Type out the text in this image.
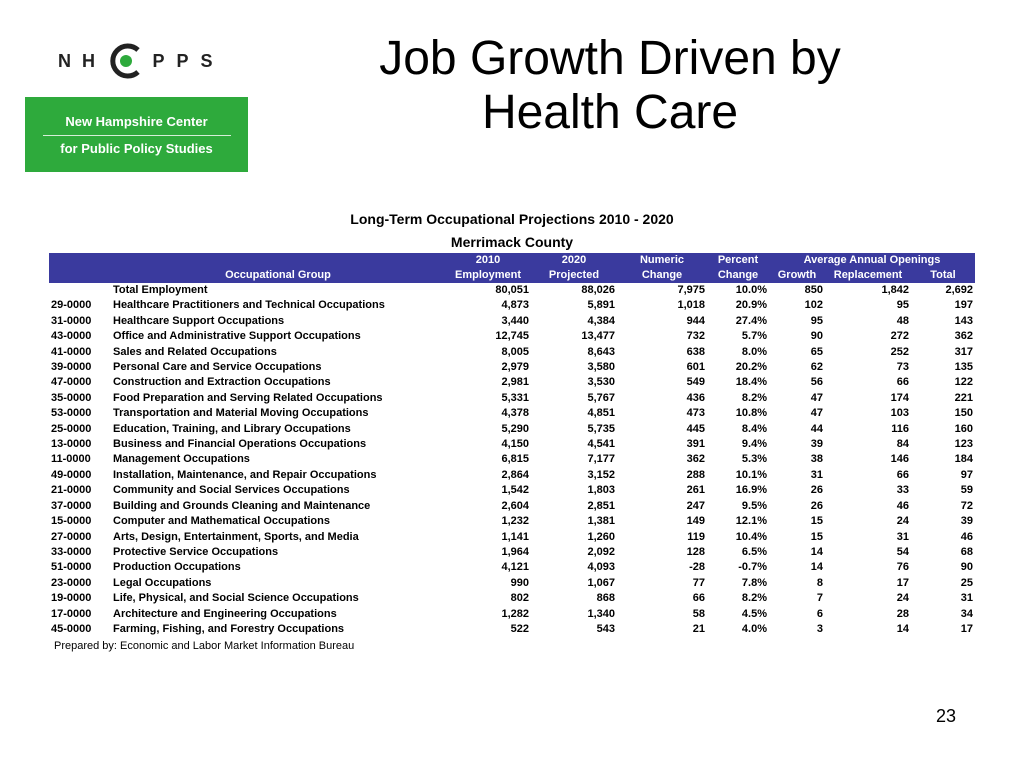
N H	P P S
New Hampshire Center
for Public Policy Studies
Job Growth Driven by
Health Care
Long-Term Occupational Projections 2010 - 2020
Merrimack County
		2010	2020	Numeric	Percent	Average Annual Openings		
	Occupational Group	Employment	Projected	Change	Change	Growth	Replacement	Total
	Total Employment	80,051	88,026	7,975	10.0%	850	1,842	2,692
29-0000	Healthcare Practitioners and Technical Occupations	4,873	5,891	1,018	20.9%	102	95	197
31-0000	Healthcare Support Occupations	3,440	4,384	944	27.4%	95	48	143
43-0000	Office and Administrative Support Occupations	12,745	13,477	732	5.7%	90	272	362
41-0000	Sales and Related Occupations	8,005	8,643	638	8.0%	65	252	317
39-0000	Personal Care and Service Occupations	2,979	3,580	601	20.2%	62	73	135
47-0000	Construction and Extraction Occupations	2,981	3,530	549	18.4%	56	66	122
35-0000	Food Preparation and Serving Related Occupations	5,331	5,767	436	8.2%	47	174	221
53-0000	Transportation and Material Moving Occupations	4,378	4,851	473	10.8%	47	103	150
25-0000	Education, Training, and Library Occupations	5,290	5,735	445	8.4%	44	116	160
13-0000	Business and Financial Operations Occupations	4,150	4,541	391	9.4%	39	84	123
11-0000	Management Occupations	6,815	7,177	362	5.3%	38	146	184
49-0000	Installation, Maintenance, and Repair Occupations	2,864	3,152	288	10.1%	31	66	97
21-0000	Community and Social Services Occupations	1,542	1,803	261	16.9%	26	33	59
37-0000	Building and Grounds Cleaning and Maintenance	2,604	2,851	247	9.5%	26	46	72
15-0000	Computer and Mathematical Occupations	1,232	1,381	149	12.1%	15	24	39
27-0000	Arts, Design, Entertainment, Sports, and Media	1,141	1,260	119	10.4%	15	31	46
33-0000	Protective Service Occupations	1,964	2,092	128	6.5%	14	54	68
51-0000	Production Occupations	4,121	4,093	-28	-0.7%	14	76	90
23-0000	Legal Occupations	990	1,067	77	7.8%	8	17	25
19-0000	Life, Physical, and Social Science Occupations	802	868	66	8.2%	7	24	31
17-0000	Architecture and Engineering Occupations	1,282	1,340	58	4.5%	6	28	34
45-0000	Farming, Fishing, and Forestry Occupations	522	543	21	4.0%	3	14	17
Prepared by: Economic and Labor Market Information Bureau
23
